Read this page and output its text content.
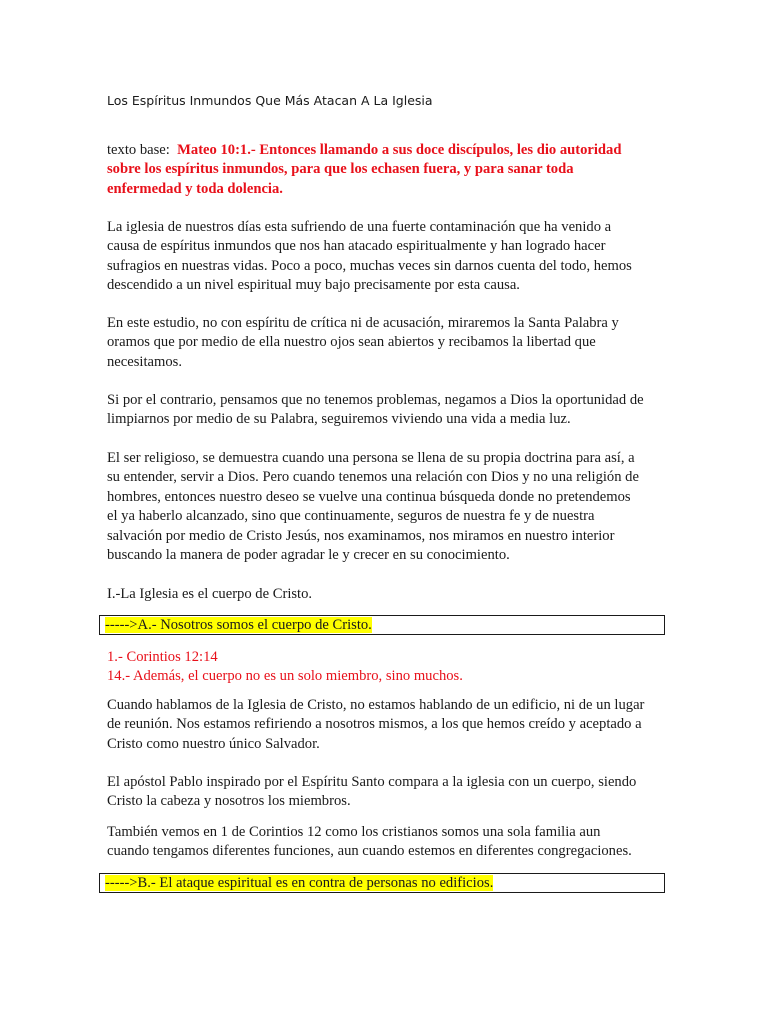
Los Espíritus Inmundos Que Más Atacan A La Iglesia
texto base: Mateo 10:1.- Entonces llamando a sus doce discípulos, les dio autoridad
sobre los espíritus inmundos, para que los echasen fuera, y para sanar toda
enfermedad y toda dolencia.
La iglesia de nuestros días esta sufriendo de una fuerte contaminación que ha venido a
causa de espíritus inmundos que nos han atacado espiritualmente y han logrado hacer
sufragios en nuestras vidas. Poco a poco, muchas veces sin darnos cuenta del todo, hemos
descendido a un nivel espiritual muy bajo precisamente por esta causa.
En este estudio, no con espíritu de crítica ni de acusación, miraremos la Santa Palabra y
oramos que por medio de ella nuestro ojos sean abiertos y recibamos la libertad que
necesitamos.
Si por el contrario, pensamos que no tenemos problemas, negamos a Dios la oportunidad de
limpiarnos por medio de su Palabra, seguiremos viviendo una vida a media luz.
El ser religioso, se demuestra cuando una persona se llena de su propia doctrina para así, a
su entender, servir a Dios. Pero cuando tenemos una relación con Dios y no una religión de
hombres, entonces nuestro deseo se vuelve una continua búsqueda donde no pretendemos
el ya haberlo alcanzado, sino que continuamente, seguros de nuestra fe y de nuestra
salvación por medio de Cristo Jesús, nos examinamos, nos miramos en nuestro interior
buscando la manera de poder agradar le y crecer en su conocimiento.
I.-La Iglesia es el cuerpo de Cristo.
----->A.- Nosotros somos el cuerpo de Cristo.
1.- Corintios 12:14
14.- Además, el cuerpo no es un solo miembro, sino muchos.
Cuando hablamos de la Iglesia de Cristo, no estamos hablando de un edificio, ni de un lugar
de reunión. Nos estamos refiriendo a nosotros mismos, a los que hemos creído y aceptado a
Cristo como nuestro único Salvador.
El apóstol Pablo inspirado por el Espíritu Santo compara a la iglesia con un cuerpo, siendo
Cristo la cabeza y nosotros los miembros.
También vemos en 1 de Corintios 12 como los cristianos somos una sola familia aun
cuando tengamos diferentes funciones, aun cuando estemos en diferentes congregaciones.
----->B.- El ataque espiritual es en contra de personas no edificios.
